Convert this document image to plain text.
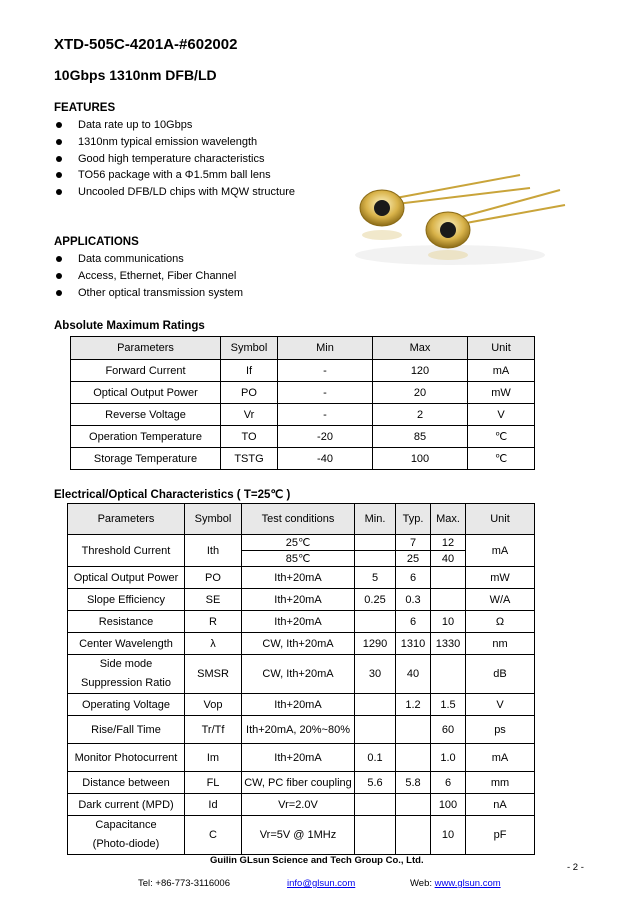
XTD-505C-4201A-#602002
10Gbps 1310nm DFB/LD
FEATURES
Data rate up to 10Gbps
1310nm typical emission wavelength
Good high temperature characteristics
TO56 package with a Φ1.5mm ball lens
Uncooled DFB/LD chips with MQW structure
APPLICATIONS
Data communications
Access, Ethernet, Fiber Channel
Other optical transmission system
Absolute Maximum Ratings
Parameters	Symbol	Min	Max	Unit
Forward Current	If	-	120	mA
Optical Output Power	PO	-	20	mW
Reverse Voltage	Vr	-	2	V
Operation Temperature	TO	-20	85	℃
Storage Temperature	TSTG	-40	100	℃
Electrical/Optical Characteristics ( T=25℃ )
Parameters	Symbol	Test conditions	Min.	Typ.	Max.	Unit
Threshold Current	Ith	25℃		7	12	mA
		85℃		25	40	
Optical Output Power	PO	Ith+20mA	5	6		mW
Slope Efficiency	SE	Ith+20mA	0.25	0.3		W/A
Resistance	R	Ith+20mA		6	10	Ω
Center Wavelength	λ	CW, Ith+20mA	1290	1310	1330	nm
Side mode
Suppression Ratio	SMSR	CW, Ith+20mA	30	40		dB
Operating Voltage	Vop	Ith+20mA		1.2	1.5	V
Rise/Fall Time	Tr/Tf	Ith+20mA, 20%~80%			60	ps
Monitor Photocurrent	Im	Ith+20mA	0.1		1.0	mA
Distance between	FL	CW, PC fiber coupling	5.6	5.8	6	mm
Dark current (MPD)	Id	Vr=2.0V			100	nA
Capacitance
(Photo-diode)	C	Vr=5V @ 1MHz			10	pF
Guilin GLsun Science and Tech Group Co., Ltd.
- 2 -
Tel: +86-773-3116006	info@glsun.com	Web: www.glsun.com
